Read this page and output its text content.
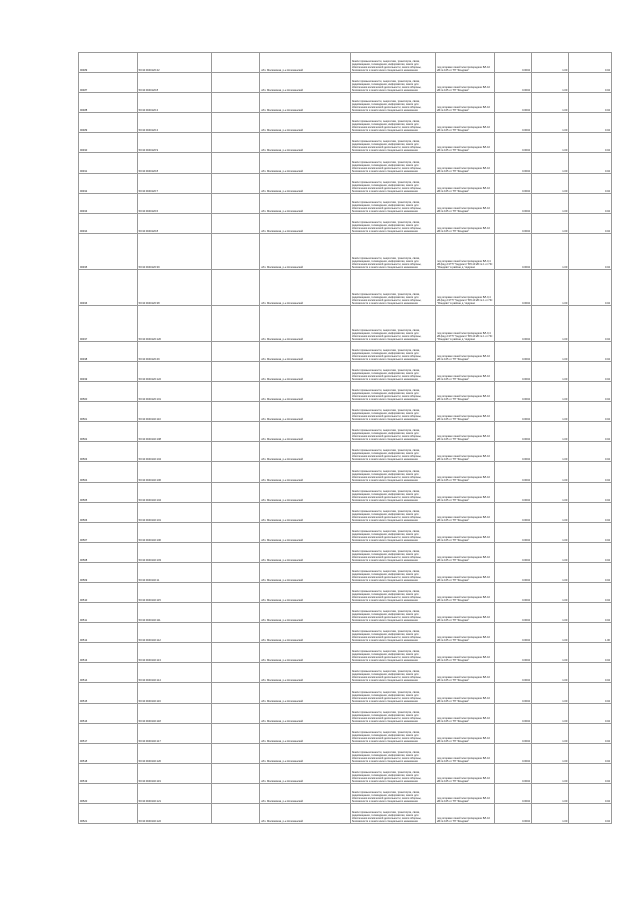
90489	50:34:0040120:42		обл. Московская, р-н Коломенский	Земли промышленности, энергетики, транспорта, связи, радиовещания, телевидения, информатики, земли для обеспечения космической деятельности, земли обороны, безопасности и земли иного специального назначения	под опорами линий электропередачи ВЛ-10 кВ № 105 от ТП "Фондово"	0.0004	1.00	0.04
90487	50:34:0040120:8		обл. Московская, р-н Коломенский	Земли промышленности, энергетики, транспорта, связи, радиовещания, телевидения, информатики, земли для обеспечения космической деятельности, земли обороны, безопасности и земли иного специального назначения	под опорами линий электропередачи ВЛ-10 кВ № 105 от ТП "Фондово"	0.0004	1.00	0.04
90488	50:34:0040120:4		обл. Московская, р-н Коломенский	Земли промышленности, энергетики, транспорта, связи, радиовещания, телевидения, информатики, земли для обеспечения космической деятельности, земли обороны, безопасности и земли иного специального назначения	под опорами линий электропередачи ВЛ-10 кВ № 105 от ТП "Фондово"	0.0004	1.00	0.04
90489	50:34:0040120:4		обл. Московская, р-н Коломенский	Земли промышленности, энергетики, транспорта, связи, радиовещания, телевидения, информатики, земли для обеспечения космической деятельности, земли обороны, безопасности и земли иного специального назначения	под опорами линий электропередачи ВЛ-10 кВ № 105 от ТП "Фондово"	0.0004	1.00	0.04
90490	50:34:0040120:9		обл. Московская, р-н Коломенский	Земли промышленности, энергетики, транспорта, связи, радиовещания, телевидения, информатики, земли для обеспечения космической деятельности, земли обороны, безопасности и земли иного специального назначения	под опорами линий электропередачи ВЛ-10 кВ № 105 от ТП "Фондово"	0.0004	1.00	0.04
90491	50:34:0040120:8		обл. Московская, р-н Коломенский	Земли промышленности, энергетики, транспорта, связи, радиовещания, телевидения, информатики, земли для обеспечения космической деятельности, земли обороны, безопасности и земли иного специального назначения	под опорами линий электропередачи ВЛ-10 кВ № 105 от ТП "Фондово"	0.0004	1.00	0.04
90492	50:34:0040120:7		обл. Московская, р-н Коломенский	Земли промышленности, энергетики, транспорта, связи, радиовещания, телевидения, информатики, земли для обеспечения космической деятельности, земли обороны, безопасности и земли иного специального назначения	под опорами линий электропередачи ВЛ-10 кВ № 105 от ТП "Фондово"	0.0004	1.00	0.04
90493	50:34:0040120:6		обл. Московская, р-н Коломенский	Земли промышленности, энергетики, транспорта, связи, радиовещания, телевидения, информатики, земли для обеспечения космической деятельности, земли обороны, безопасности и земли иного специального назначения	под опорами линий электропередачи ВЛ-10 кВ № 105 от ТП "Фондово"	0.0004	1.00	0.04
90494	50:34:0040120:8		обл. Московская, р-н Коломенский	Земли промышленности, энергетики, транспорта, связи, радиовещания, телевидения, информатики, земли для обеспечения космической деятельности, земли обороны, безопасности и земли иного специального назначения	под опорами линий электропередачи ВЛ-10 кВ № 105 от ТП "Фондово"	0.0004	1.00	0.04
90495	50:34:0040120:39		обл. Московская, р-н Коломенский	Земли промышленности, энергетики, транспорта, связи, радиовещания, телевидения, информатики, земли для обеспечения космической деятельности, земли обороны, безопасности и земли иного специального назначения	под опорами линий электропередачи ВЛ-0,4 кВ фид.2 КТП "Чедринго" ВЛ-10 кВ № 1 от ПС "Фондово" в районе д. Чедрино	0.0004	1.00	0.04
90496	50:34:0040120:38		обл. Московская, р-н Коломенский	Земли промышленности, энергетики, транспорта, связи, радиовещания, телевидения, информатики, земли для обеспечения космической деятельности, земли обороны, безопасности и земли иного специального назначения	под опорами линий электропередачи ВЛ-0,4 кВ фид.2 КТП "Чедринго" ВЛ-10 кВ № 1 от ПС "Фондово" в районе д. Чедрино	0.0004	1.00	0.04
90497	50:34:0040120:120		обл. Московская, р-н Коломенский	Земли промышленности, энергетики, транспорта, связи, радиовещания, телевидения, информатики, земли для обеспечения космической деятельности, земли обороны, безопасности и земли иного специального назначения	под опорами линий электропередачи ВЛ-0,4 кВ фид.2 КТП "Чедринго" ВЛ-10 кВ № 1 от ПС "Фондово" в районе д. Чедрино	0.0004	1.00	0.04
90498	50:34:0040120:49		обл. Московская, р-н Коломенский	Земли промышленности, энергетики, транспорта, связи, радиовещания, телевидения, информатики, земли для обеспечения космической деятельности, земли обороны, безопасности и земли иного специального назначения	под опорами линий электропередачи ВЛ-10 кВ № 105 от ТП "Фондово"	0.0004	1.00	0.04
90499	50:34:0040120:122		обл. Московская, р-н Коломенский	Земли промышленности, энергетики, транспорта, связи, радиовещания, телевидения, информатики, земли для обеспечения космической деятельности, земли обороны, безопасности и земли иного специального назначения	под опорами линий электропередачи ВЛ-10 кВ № 105 от ТП "Фондово"	0.0004	1.00	0.04
90500	50:34:0040120:101		обл. Московская, р-н Коломенский	Земли промышленности, энергетики, транспорта, связи, радиовещания, телевидения, информатики, земли для обеспечения космической деятельности, земли обороны, безопасности и земли иного специального назначения	под опорами линий электропередачи ВЛ-10 кВ № 105 от ТП "Фондово"	0.0004	1.00	0.04
90501	50:34:0040140:110		обл. Московская, р-н Коломенский	Земли промышленности, энергетики, транспорта, связи, радиовещания, телевидения, информатики, земли для обеспечения космической деятельности, земли обороны, безопасности и земли иного специального назначения	под опорами линий электропередачи ВЛ-10 кВ № 105 от ТП "Фондово"	0.0004	1.00	0.04
90502	50:34:0040140:108		обл. Московская, р-н Коломенский	Земли промышленности, энергетики, транспорта, связи, радиовещания, телевидения, информатики, земли для обеспечения космической деятельности, земли обороны, безопасности и земли иного специального назначения	под опорами линий электропередачи ВЛ-10 кВ № 105 от ТП "Фондово"	0.0004	1.00	0.04
90503	50:34:0040140:104		обл. Московская, р-н Коломенский	Земли промышленности, энергетики, транспорта, связи, радиовещания, телевидения, информатики, земли для обеспечения космической деятельности, земли обороны, безопасности и земли иного специального назначения	под опорами линий электропередачи ВЛ-10 кВ № 105 от ТП "Фондово"	0.0004	1.00	0.04
90504	50:34:0040140:106		обл. Московская, р-н Коломенский	Земли промышленности, энергетики, транспорта, связи, радиовещания, телевидения, информатики, земли для обеспечения космической деятельности, земли обороны, безопасности и земли иного специального назначения	под опорами линий электропередачи ВЛ-10 кВ № 105 от ТП "Фондово"	0.0004	1.00	0.04
90505	50:34:0040140:104		обл. Московская, р-н Коломенский	Земли промышленности, энергетики, транспорта, связи, радиовещания, телевидения, информатики, земли для обеспечения космической деятельности, земли обороны, безопасности и земли иного специального назначения	под опорами линий электропередачи ВЛ-10 кВ № 105 от ТП "Фондово"	0.0004	1.00	0.04
90506	50:34:0040140:101		обл. Московская, р-н Коломенский	Земли промышленности, энергетики, транспорта, связи, радиовещания, телевидения, информатики, земли для обеспечения космической деятельности, земли обороны, безопасности и земли иного специального назначения	под опорами линий электропередачи ВЛ-10 кВ № 105 от ТП "Фондово"	0.0004	1.00	0.04
90507	50:34:0040140:100		обл. Московская, р-н Коломенский	Земли промышленности, энергетики, транспорта, связи, радиовещания, телевидения, информатики, земли для обеспечения космической деятельности, земли обороны, безопасности и земли иного специального назначения	под опорами линий электропередачи ВЛ-10 кВ № 105 от ТП "Фондово"	0.0004	1.00	0.04
90508	50:34:0040140:103		обл. Московская, р-н Коломенский	Земли промышленности, энергетики, транспорта, связи, радиовещания, телевидения, информатики, земли для обеспечения космической деятельности, земли обороны, безопасности и земли иного специального назначения	под опорами линий электропередачи ВЛ-10 кВ № 105 от ТП "Фондово"	0.0004	1.00	0.04
90509	50:34:0040140:11		обл. Московская, р-н Коломенский	Земли промышленности, энергетики, транспорта, связи, радиовещания, телевидения, информатики, земли для обеспечения космической деятельности, земли обороны, безопасности и земли иного специального назначения	под опорами линий электропередачи ВЛ-10 кВ № 105 от ТП "Фондово"	0.0004	1.00	0.04
90510	50:34:0040140:115		обл. Московская, р-н Коломенский	Земли промышленности, энергетики, транспорта, связи, радиовещания, телевидения, информатики, земли для обеспечения космической деятельности, земли обороны, безопасности и земли иного специального назначения	под опорами линий электропередачи ВЛ-10 кВ № 105 от ТП "Фондово"	0.0004	1.00	0.04
90511	50:34:0040140:111		обл. Московская, р-н Коломенский	Земли промышленности, энергетики, транспорта, связи, радиовещания, телевидения, информатики, земли для обеспечения космической деятельности, земли обороны, безопасности и земли иного специального назначения	под опорами линий электропередачи ВЛ-10 кВ № 105 от ТП "Фондово"	0.0004	1.00	0.04
90512	50:34:0040140:112		обл. Московская, р-н Коломенский	Земли промышленности, энергетики, транспорта, связи, радиовещания, телевидения, информатики, земли для обеспечения космической деятельности, земли обороны, безопасности и земли иного специального назначения	под опорами линий электропередачи ВЛ-10 кВ № 105 от ТП "Фондово"	0.0004	1.00	1.00
90513	50:34:0040140:113		обл. Московская, р-н Коломенский	Земли промышленности, энергетики, транспорта, связи, радиовещания, телевидения, информатики, земли для обеспечения космической деятельности, земли обороны, безопасности и земли иного специального назначения	под опорами линий электропередачи ВЛ-10 кВ № 105 от ТП "Фондово"	0.0004	1.00	0.04
90514	50:34:0040140:114		обл. Московская, р-н Коломенский	Земли промышленности, энергетики, транспорта, связи, радиовещания, телевидения, информатики, земли для обеспечения космической деятельности, земли обороны, безопасности и земли иного специального назначения	под опорами линий электропередачи ВЛ-10 кВ № 105 от ТП "Фондово"	0.0004	1.00	0.04
90515	50:34:0040140:116		обл. Московская, р-н Коломенский	Земли промышленности, энергетики, транспорта, связи, радиовещания, телевидения, информатики, земли для обеспечения космической деятельности, земли обороны, безопасности и земли иного специального назначения	под опорами линий электропередачи ВЛ-10 кВ № 105 от ТП "Фондово"	0.0004	1.00	0.04
90516	50:34:0040140:118		обл. Московская, р-н Коломенский	Земли промышленности, энергетики, транспорта, связи, радиовещания, телевидения, информатики, земли для обеспечения космической деятельности, земли обороны, безопасности и земли иного специального назначения	под опорами линий электропередачи ВЛ-10 кВ № 105 от ТП "Фондово"	0.0004	1.00	0.04
90517	50:34:0040140:117		обл. Московская, р-н Коломенский	Земли промышленности, энергетики, транспорта, связи, радиовещания, телевидения, информатики, земли для обеспечения космической деятельности, земли обороны, безопасности и земли иного специального назначения	под опорами линий электропередачи ВЛ-10 кВ № 105 от ТП "Фондово"	0.0004	1.00	0.04
90518	50:34:0040140:120		обл. Московская, р-н Коломенский	Земли промышленности, энергетики, транспорта, связи, радиовещания, телевидения, информатики, земли для обеспечения космической деятельности, земли обороны, безопасности и земли иного специального назначения	под опорами линий электропередачи ВЛ-10 кВ № 105 от ТП "Фондово"	0.0004	1.00	0.04
90519	50:34:0040140:119		обл. Московская, р-н Коломенский	Земли промышленности, энергетики, транспорта, связи, радиовещания, телевидения, информатики, земли для обеспечения космической деятельности, земли обороны, безопасности и земли иного специального назначения	под опорами линий электропередачи ВЛ-10 кВ № 105 от ТП "Фондово"	0.0004	1.00	0.04
90520	50:34:0040140:121		обл. Московская, р-н Коломенский	Земли промышленности, энергетики, транспорта, связи, радиовещания, телевидения, информатики, земли для обеспечения космической деятельности, земли обороны, безопасности и земли иного специального назначения	под опорами линий электропередачи ВЛ-10 кВ № 105 от ТП "Фондово"	0.0004	1.00	0.04
90521	50:34:0040140:122		обл. Московская, р-н Коломенский	Земли промышленности, энергетики, транспорта, связи, радиовещания, телевидения, информатики, земли для обеспечения космической деятельности, земли обороны, безопасности и земли иного специального назначения	под опорами линий электропередачи ВЛ-10 кВ № 105 от ТП "Фондово"	0.0004	1.00	0.04
